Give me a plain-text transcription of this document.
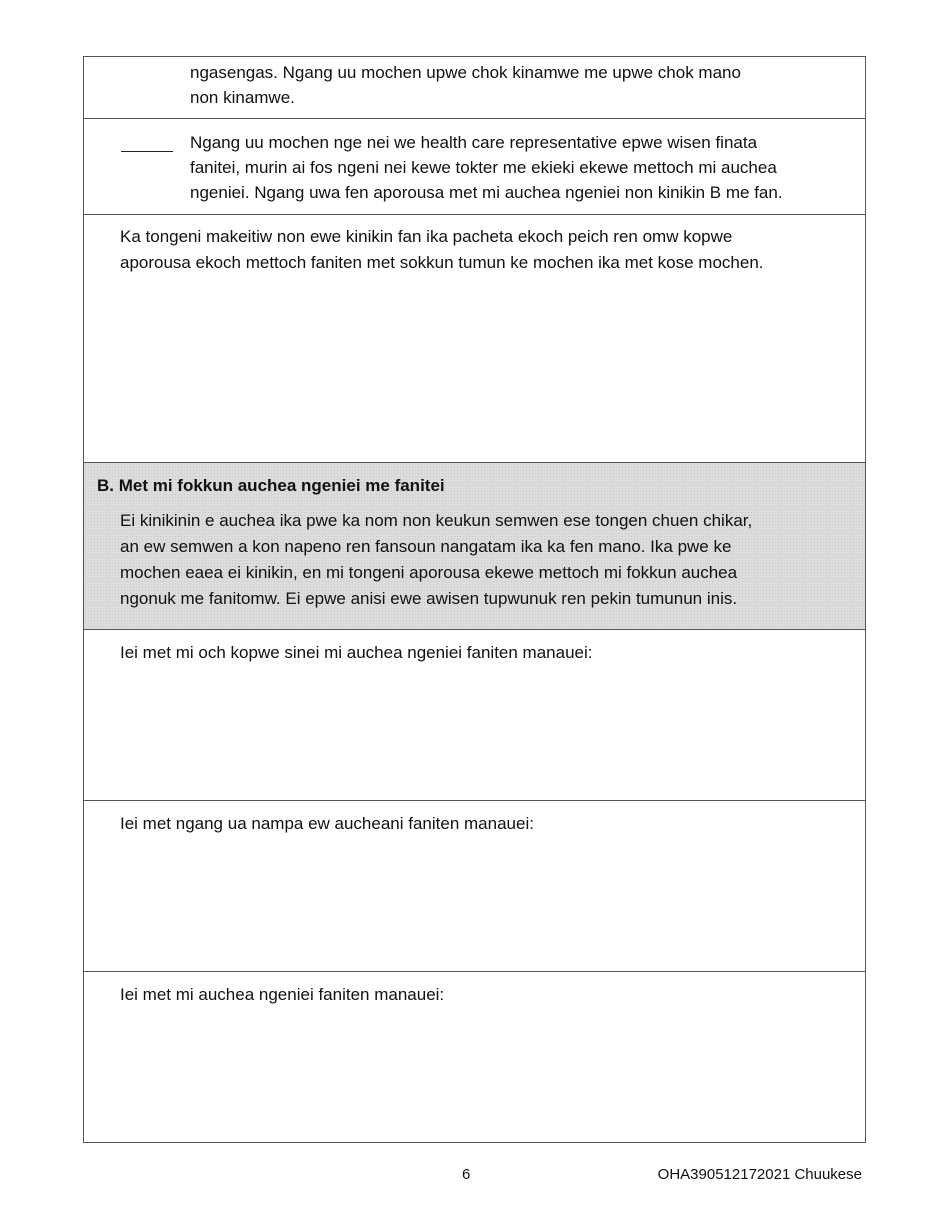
ngasengas. Ngang uu mochen upwe chok kinamwe me upwe chok mano
non kinamwe.
Ngang uu mochen nge nei we health care representative epwe wisen finata
fanitei, murin ai fos ngeni nei kewe tokter me ekieki ekewe mettoch mi auchea
ngeniei. Ngang uwa fen aporousa met mi auchea ngeniei non kinikin B me fan.
Ka tongeni makeitiw non ewe kinikin fan ika pacheta ekoch peich ren omw kopwe
aporousa ekoch mettoch faniten met sokkun tumun ke mochen ika met kose mochen.
B. Met mi fokkun auchea ngeniei me fanitei
Ei kinikinin e auchea ika pwe ka nom non keukun semwen ese tongen chuen chikar,
an ew semwen a kon napeno ren fansoun nangatam ika ka fen mano. Ika pwe ke
mochen eaea ei kinikin, en mi tongeni aporousa ekewe mettoch mi fokkun auchea
ngonuk me fanitomw. Ei epwe anisi ewe awisen tupwunuk ren pekin tumunun inis.
Iei met mi och kopwe sinei mi auchea ngeniei faniten manauei:
Iei met ngang ua nampa ew aucheani faniten manauei:
Iei met mi auchea ngeniei faniten manauei:
6	OHA390512172021 Chuukese
